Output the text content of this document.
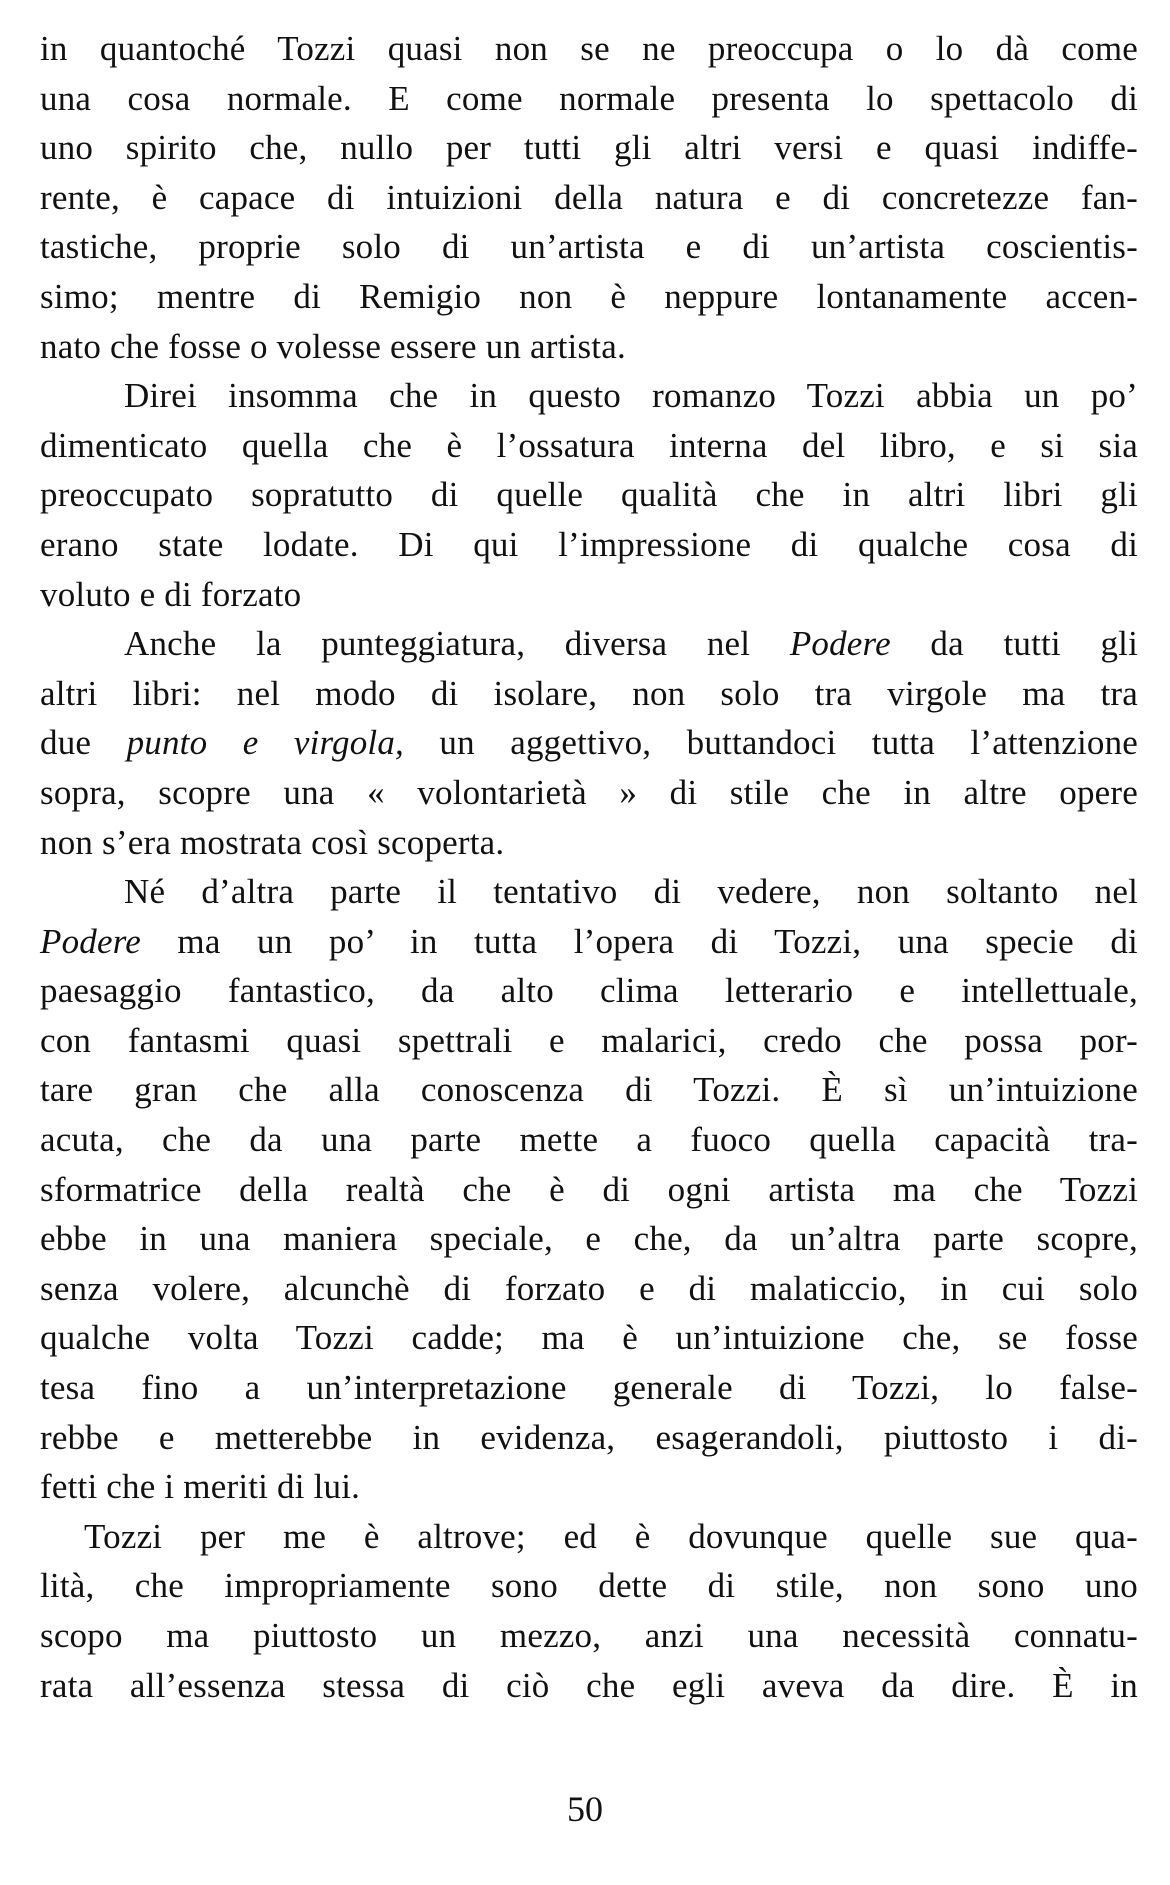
in quantoché Tozzi quasi non se ne preoccupa o lo dà come
una cosa normale. E come normale presenta lo spettacolo di
uno spirito che, nullo per tutti gli altri versi e quasi indiffe-
rente, è capace di intuizioni della natura e di concretezze fan-
tastiche, proprie solo di un’artista e di un’artista coscientis-
simo; mentre di Remigio non è neppure lontanamente accen-
nato che fosse o volesse essere un artista.
Direi insomma che in questo romanzo Tozzi abbia un po’
dimenticato quella che è l’ossatura interna del libro, e si sia
preoccupato sopratutto di quelle qualità che in altri libri gli
erano state lodate. Di qui l’impressione di qualche cosa di
voluto e di forzato
Anche la punteggiatura, diversa nel Podere da tutti gli
altri libri: nel modo di isolare, non solo tra virgole ma tra
due punto e virgola, un aggettivo, buttandoci tutta l’attenzione
sopra, scopre una « volontarietà » di stile che in altre opere
non s’era mostrata così scoperta.
Né d’altra parte il tentativo di vedere, non soltanto nel
Podere ma un po’ in tutta l’opera di Tozzi, una specie di
paesaggio fantastico, da alto clima letterario e intellettuale,
con fantasmi quasi spettrali e malarici, credo che possa por-
tare gran che alla conoscenza di Tozzi. È sì un’intuizione
acuta, che da una parte mette a fuoco quella capacità tra-
sformatrice della realtà che è di ogni artista ma che Tozzi
ebbe in una maniera speciale, e che, da un’altra parte scopre,
senza volere, alcunchè di forzato e di malaticcio, in cui solo
qualche volta Tozzi cadde; ma è un’intuizione che, se fosse
tesa fino a un’interpretazione generale di Tozzi, lo false-
rebbe e metterebbe in evidenza, esagerandoli, piuttosto i di-
fetti che i meriti di lui.
Tozzi per me è altrove; ed è dovunque quelle sue qua-
lità, che impropriamente sono dette di stile, non sono uno
scopo ma piuttosto un mezzo, anzi una necessità connatu-
rata all’essenza stessa di ciò che egli aveva da dire. È in
50
